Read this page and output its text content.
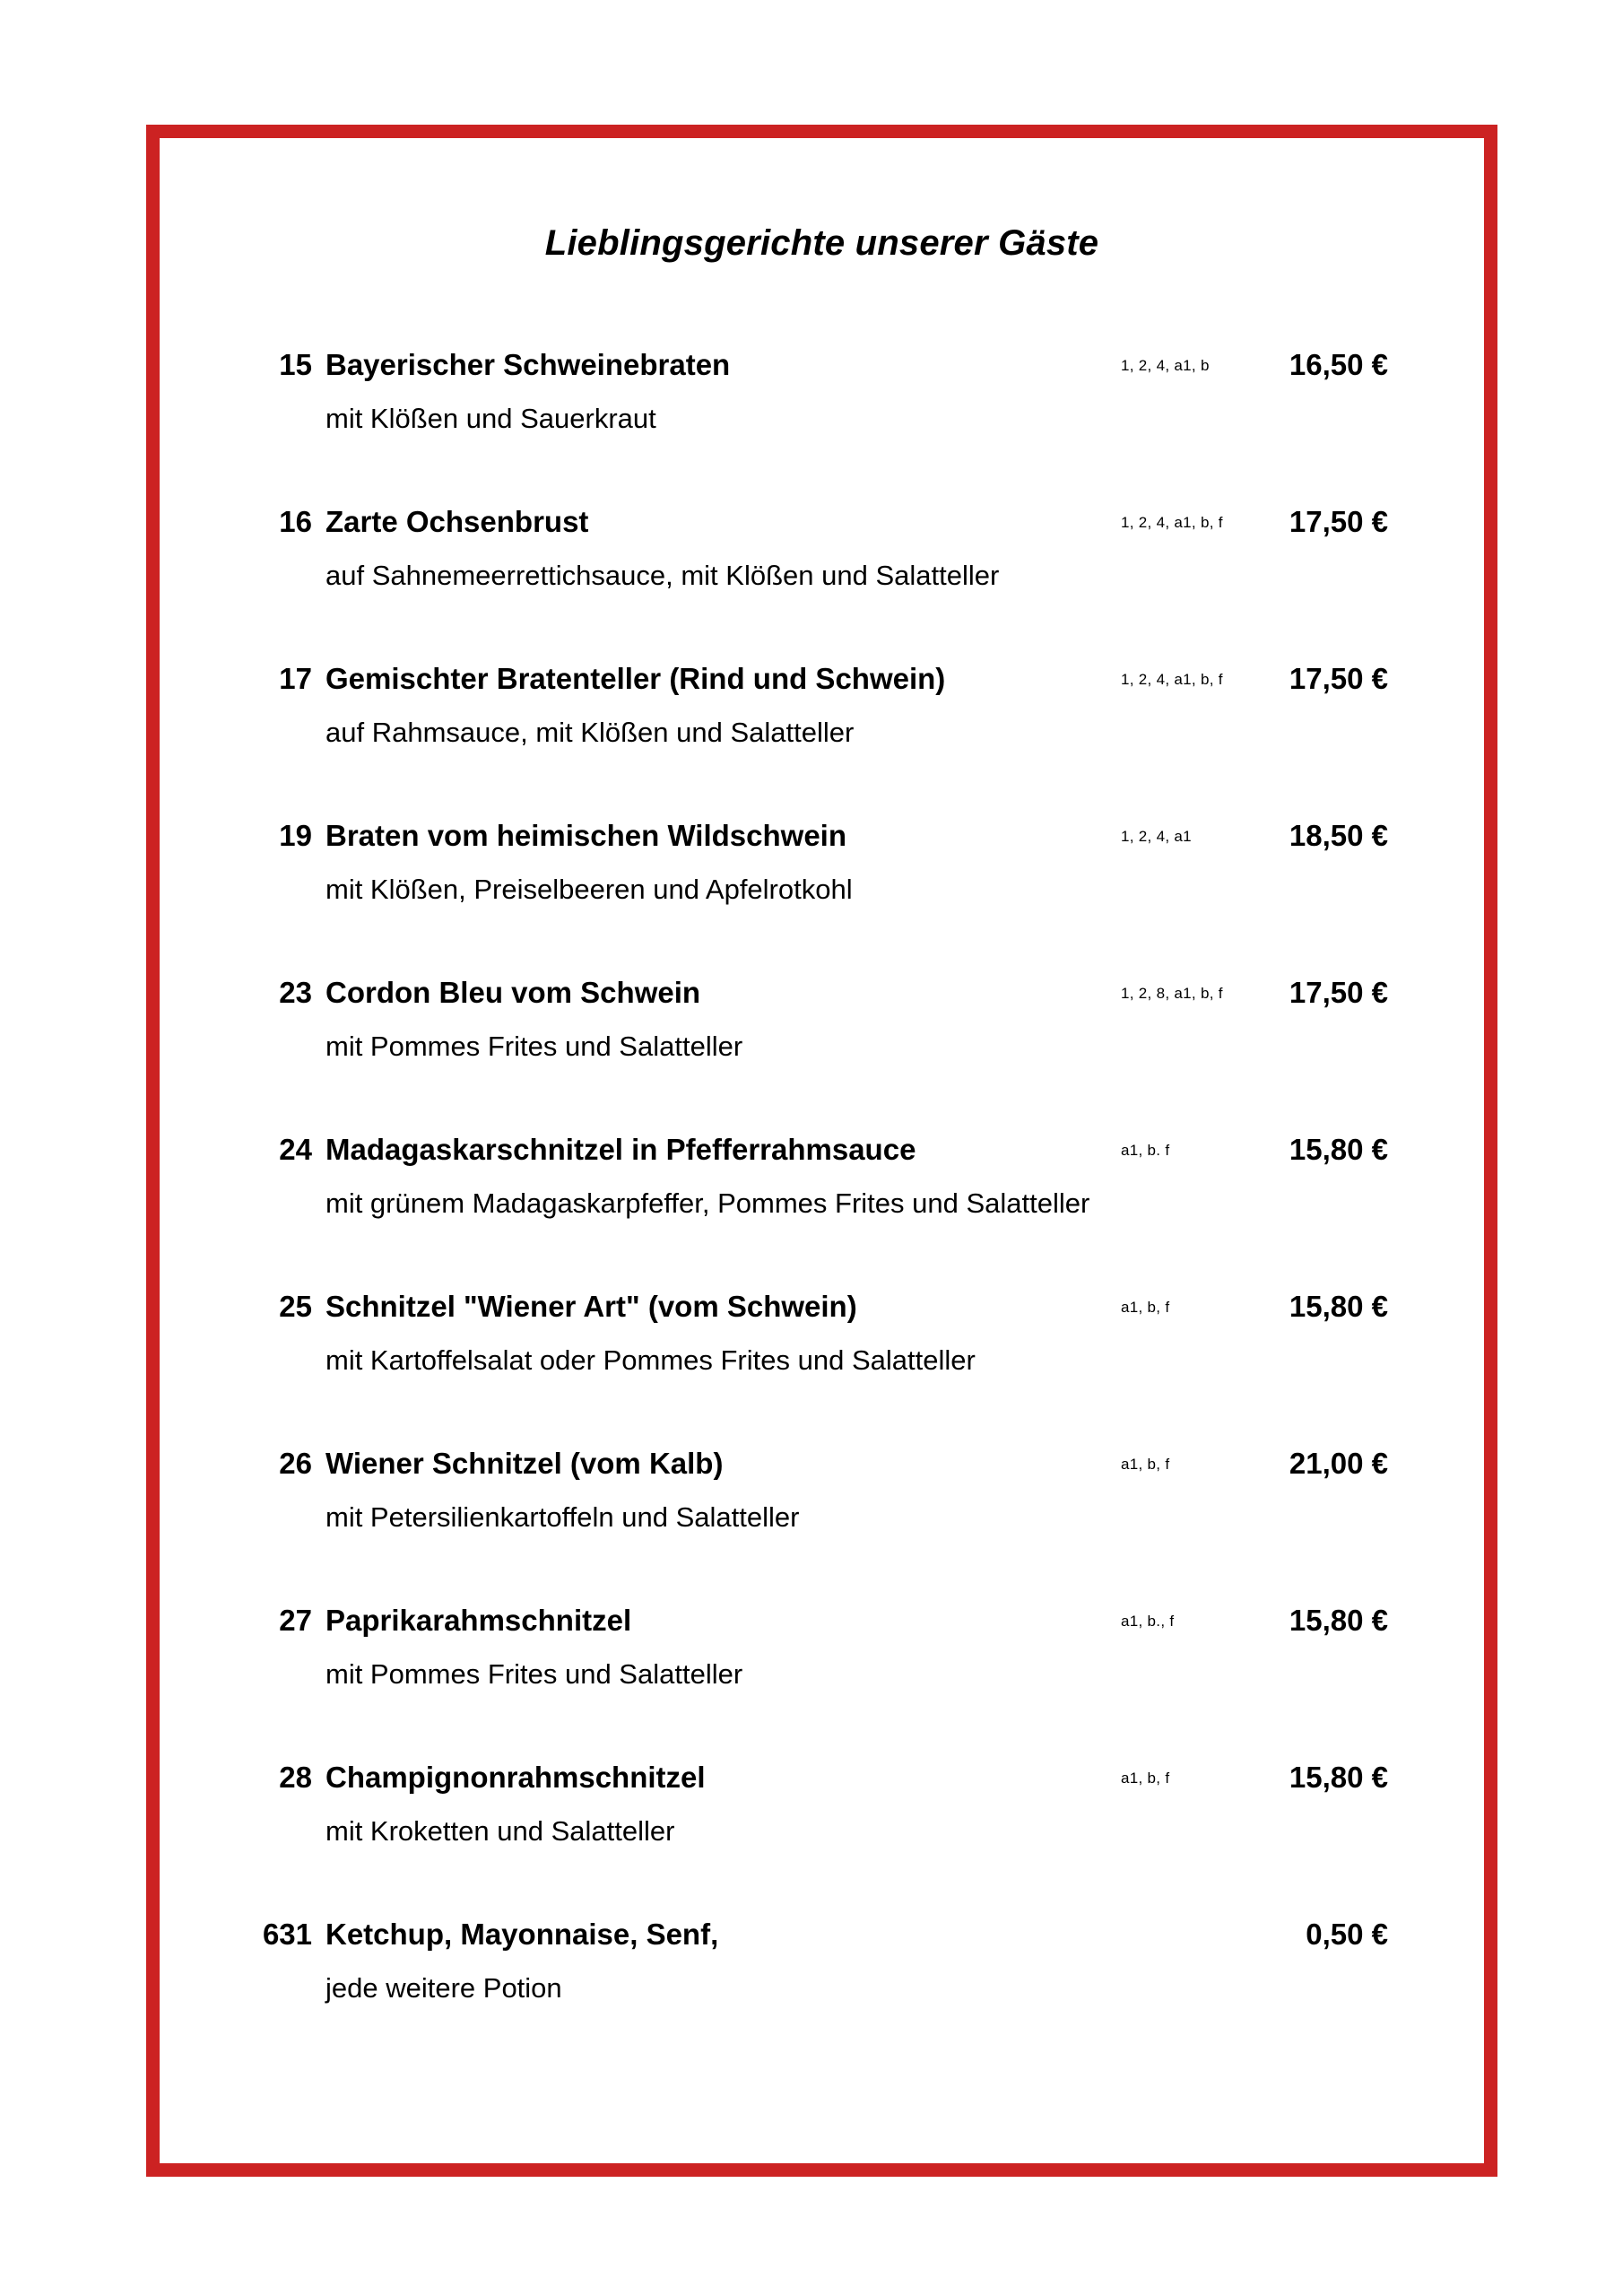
Lieblingsgerichte unserer Gäste
15 Bayerischer Schweinebraten	1, 2, 4, a1, b	16,50 €
mit Klößen und Sauerkraut
16 Zarte Ochsenbrust	1, 2, 4, a1, b, f	17,50 €
auf Sahnemeerrettichsauce, mit Klößen und Salatteller
17 Gemischter Bratenteller (Rind und Schwein)	1, 2, 4, a1, b, f	17,50 €
auf Rahmsauce, mit Klößen und Salatteller
19 Braten vom heimischen Wildschwein	1, 2, 4, a1	18,50 €
mit Klößen, Preiselbeeren und Apfelrotkohl
23 Cordon Bleu vom Schwein	1, 2, 8, a1, b, f	17,50 €
mit Pommes Frites und Salatteller
24 Madagaskarschnitzel in Pfefferrahmsauce	a1, b. f	15,80 €
mit grünem Madagaskarpfeffer, Pommes Frites und Salatteller
25 Schnitzel "Wiener Art" (vom Schwein)	a1, b, f	15,80 €
mit Kartoffelsalat oder Pommes Frites und Salatteller
26 Wiener Schnitzel (vom Kalb)	a1, b, f	21,00 €
mit Petersilienkartoffeln und Salatteller
27 Paprikarahmschnitzel	a1, b., f	15,80 €
mit Pommes Frites und Salatteller
28 Champignonrahmschnitzel	a1, b, f	15,80 €
mit Kroketten und Salatteller
631 Ketchup, Mayonnaise, Senf,	0,50 €
jede weitere Potion
